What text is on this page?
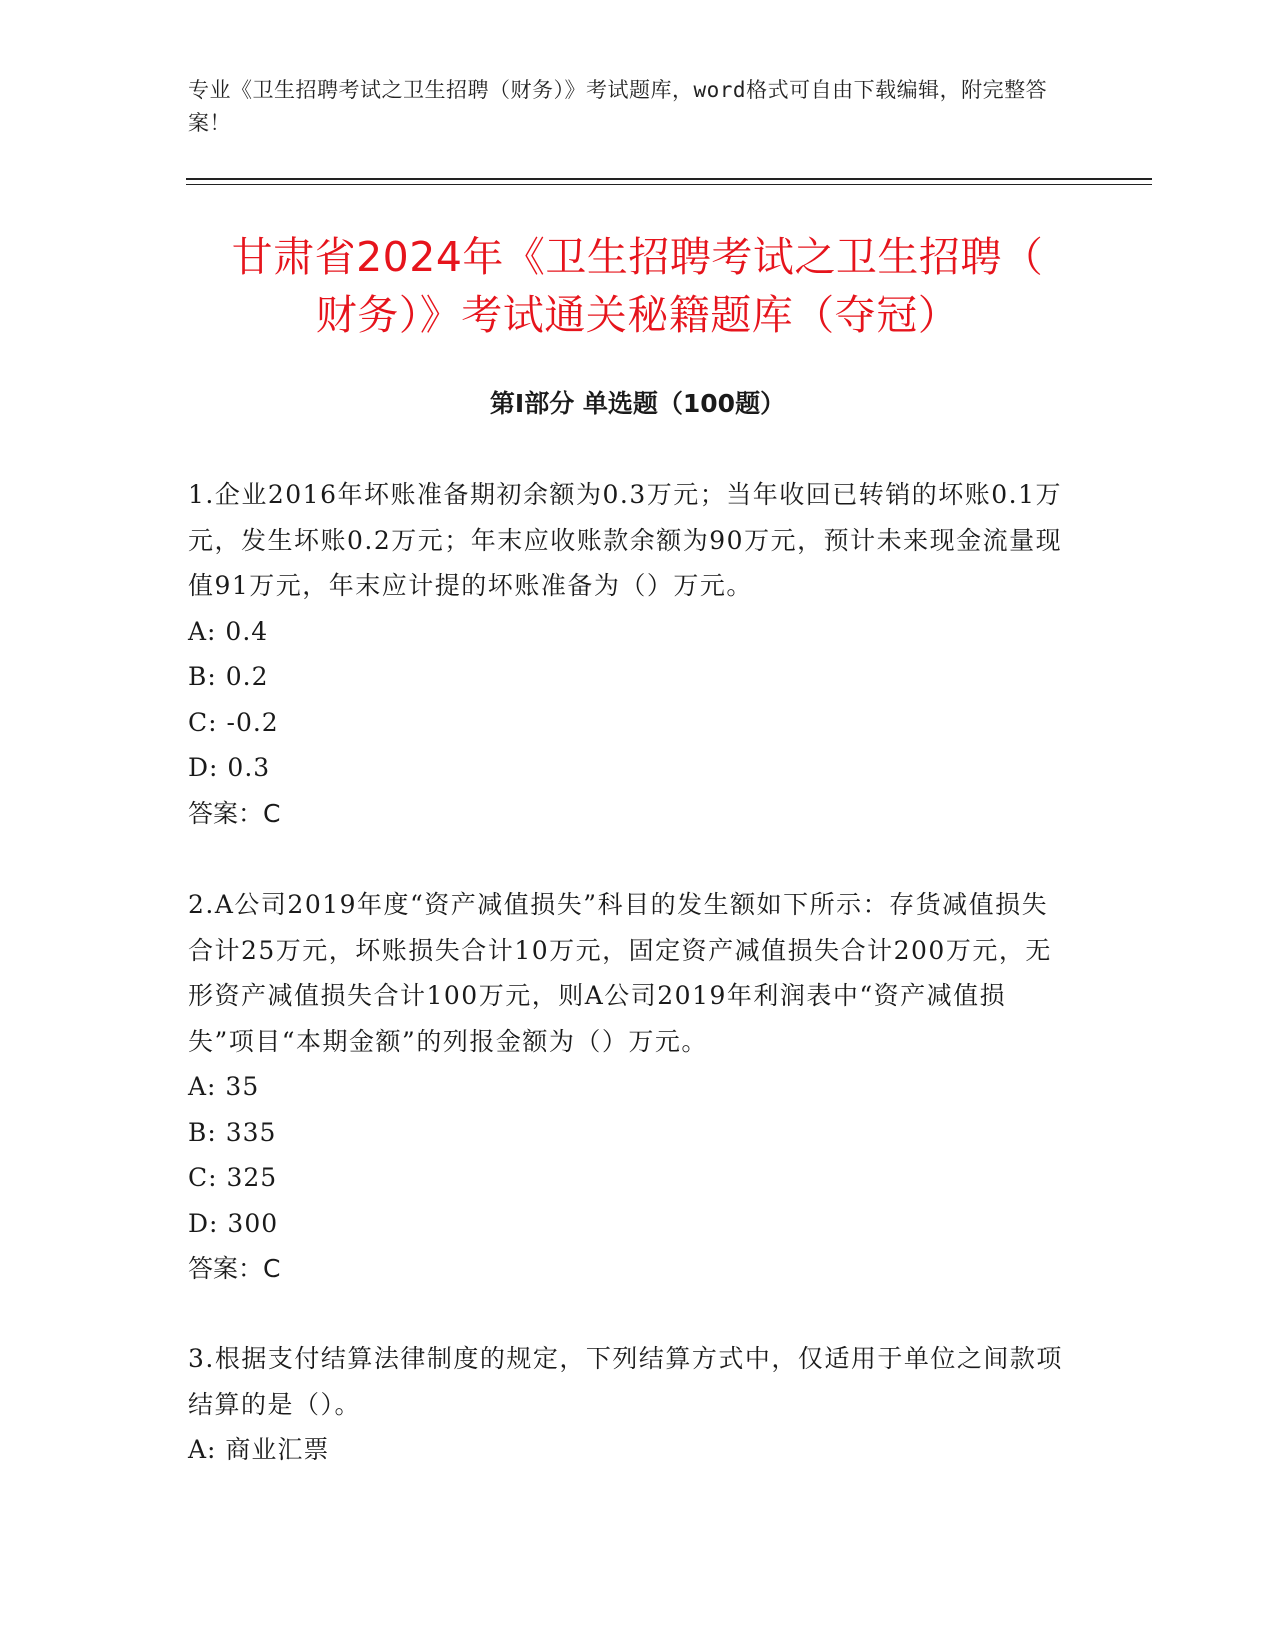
专业《卫生招聘考试之卫生招聘（财务）》考试题库，word格式可自由下载编辑，附完整答案！
甘肃省2024年《卫生招聘考试之卫生招聘（
财务）》考试通关秘籍题库（夺冠）
第Ⅰ部分 单选题（100题）

1.企业2016年坏账准备期初余额为0.3万元；当年收回已转销的坏账0.1万元，发生坏账0.2万元；年末应收账款余额为90万元，预计未来现金流量现值91万元，年末应计提的坏账准备为（）万元。

A: 0.4

B: 0.2

C: -0.2

D: 0.3

答案：C

2.A公司2019年度“资产减值损失”科目的发生额如下所示：存货减值损失合计25万元，坏账损失合计10万元，固定资产减值损失合计200万元，无形资产减值损失合计100万元，则A公司2019年利润表中“资产减值损失”项目“本期金额”的列报金额为（）万元。

A: 35

B: 335

C: 325

D: 300

答案：C

3.根据支付结算法律制度的规定，下列结算方式中，仅适用于单位之间款项结算的是（）。

A: 商业汇票
